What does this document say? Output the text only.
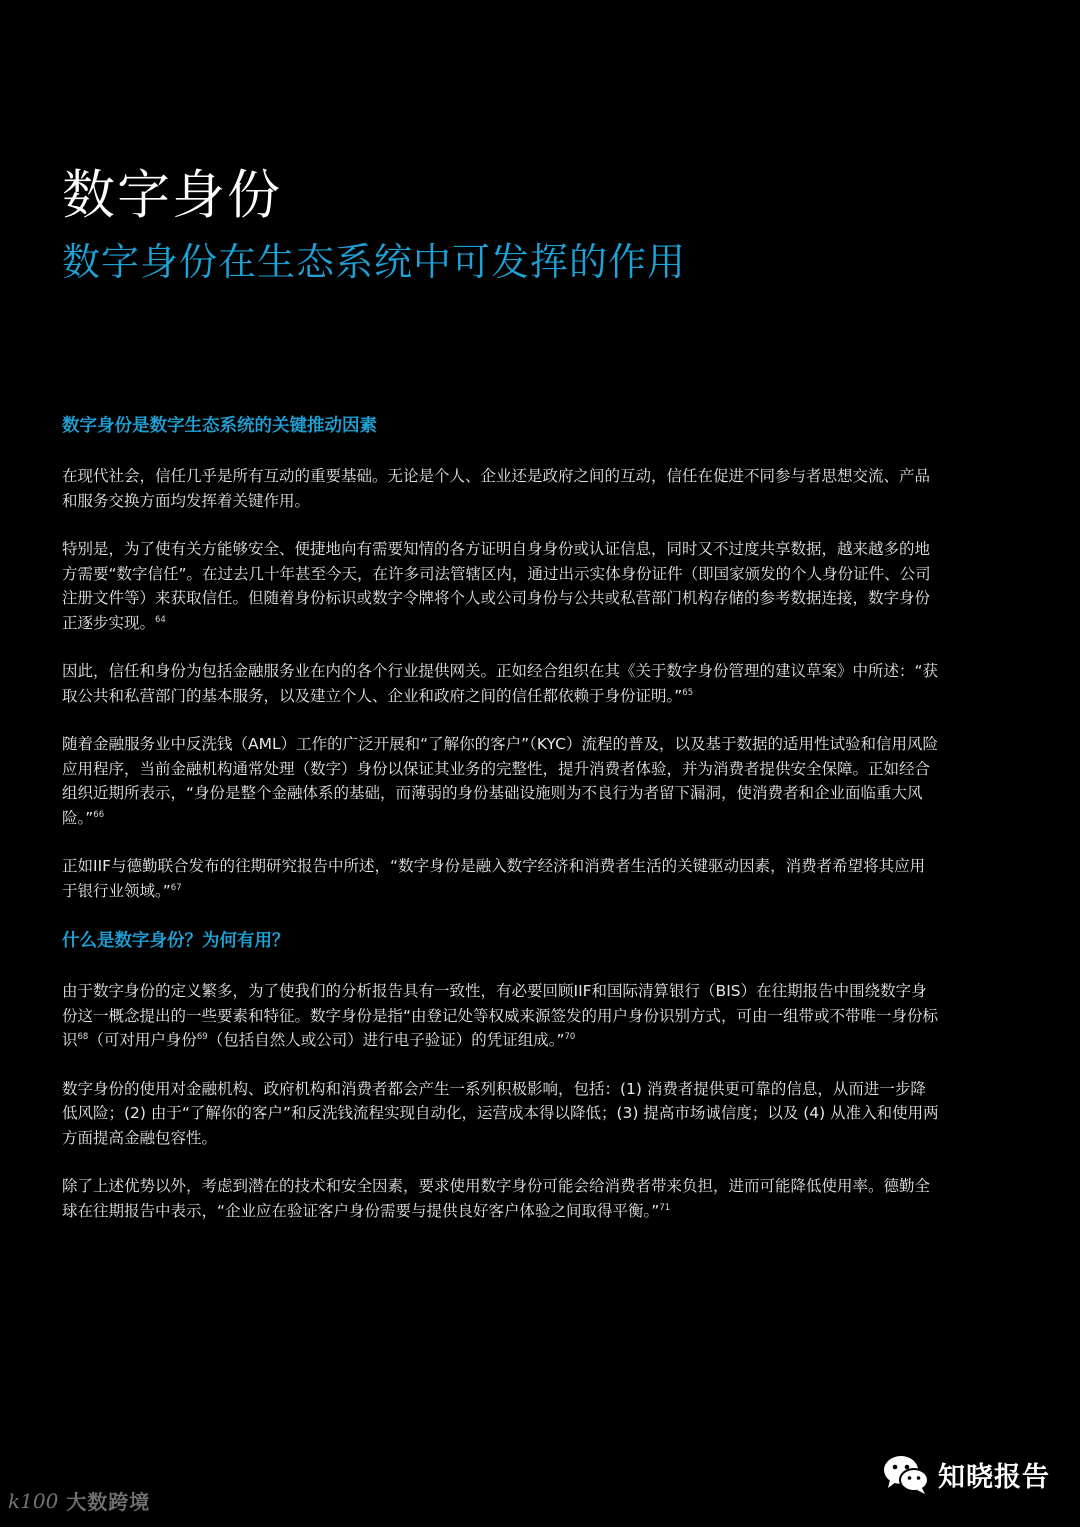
数字身份
数字身份在生态系统中可发挥的作用
数字身份是数字生态系统的关键推动因素

在现代社会，信任几乎是所有互动的重要基础。无论是个人、企业还是政府之间的互动，信任在促进不同参与者思想交流、产品和服务交换方面均发挥着关键作用。

特别是，为了使有关方能够安全、便捷地向有需要知情的各方证明自身身份或认证信息，同时又不过度共享数据，越来越多的地方需要“数字信任”。在过去几十年甚至今天，在许多司法管辖区内，通过出示实体身份证件（即国家颁发的个人身份证件、公司注册文件等）来获取信任。但随着身份标识或数字令牌将个人或公司身份与公共或私营部门机构存储的参考数据连接，数字身份正逐步实现。$^{64}$

因此，信任和身份为包括金融服务业在内的各个行业提供网关。正如经合组织在其《关于数字身份管理的建议草案》中所述：“获取公共和私营部门的基本服务，以及建立个人、企业和政府之间的信任都依赖于身份证明。”$^{65}$

随着金融服务业中反洗钱（AML）工作的广泛开展和“了解你的客户”（KYC）流程的普及，以及基于数据的适用性试验和信用风险应用程序，当前金融机构通常处理（数字）身份以保证其业务的完整性，提升消费者体验，并为消费者提供安全保障。正如经合组织近期所表示，“身份是整个金融体系的基础，而薄弱的身份基础设施则为不良行为者留下漏洞，使消费者和企业面临重大风险。”$^{66}$

正如IIF与德勤联合发布的往期研究报告中所述，“数字身份是融入数字经济和消费者生活的关键驱动因素，消费者希望将其应用于银行业领域。”$^{67}$

什么是数字身份？为何有用？

由于数字身份的定义繁多，为了使我们的分析报告具有一致性，有必要回顾IIF和国际清算银行（BIS）在往期报告中围绕数字身份这一概念提出的一些要素和特征。数字身份是指“由登记处等权威来源签发的用户身份识别方式，可由一组带或不带唯一身份标识$^{68}$（可对用户身份$^{69}$（包括自然人或公司）进行电子验证）的凭证组成。”$^{70}$

数字身份的使用对金融机构、政府机构和消费者都会产生一系列积极影响，包括：(1) 消费者提供更可靠的信息，从而进一步降低风险；(2) 由于“了解你的客户”和反洗钱流程实现自动化，运营成本得以降低；(3) 提高市场诚信度；以及 (4) 从准入和使用两方面提高金融包容性。

除了上述优势以外，考虑到潜在的技术和安全因素，要求使用数字身份可能会给消费者带来负担，进而可能降低使用率。德勤全球在往期报告中表示，“企业应在验证客户身份需要与提供良好客户体验之间取得平衡。”$^{71}$

k100 大数跨境
知晓报告
